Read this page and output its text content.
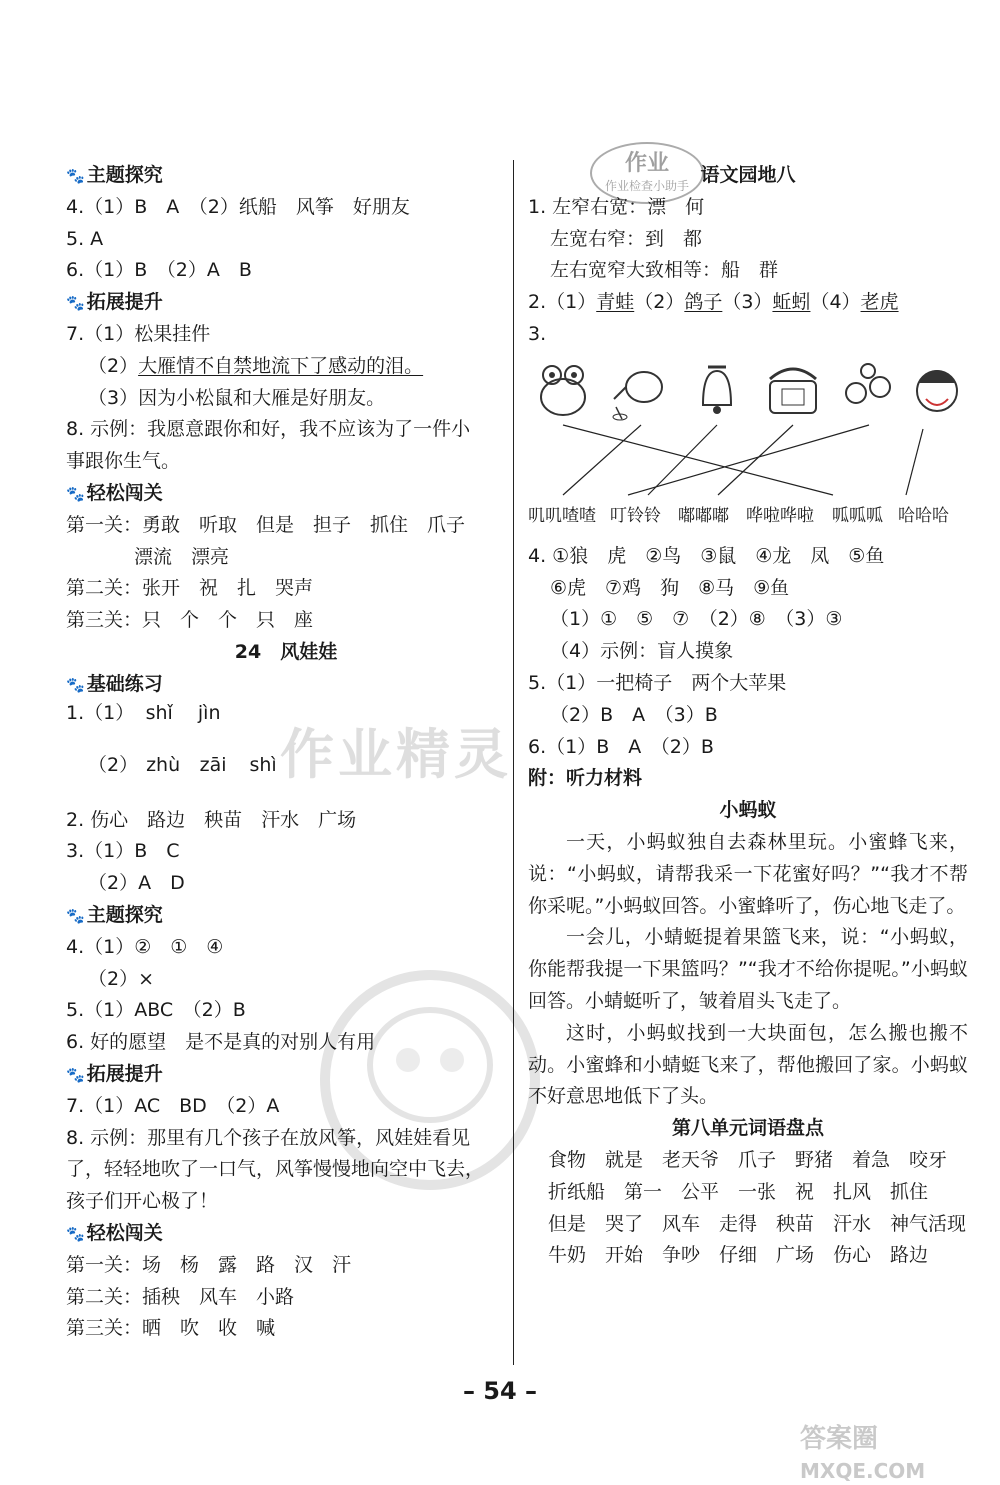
作业精灵
答案圈
MXQE.COM
作业
作业检查小助手
🐾 主题探究
4.（1）B　A　（2）纸船　风筝　好朋友
5. A
6.（1）B　（2）A　B
🐾 拓展提升
7.（1）松果挂件
（2）大雁情不自禁地流下了感动的泪。
（3）因为小松鼠和大雁是好朋友。
8. 示例：我愿意跟你和好，我不应该为了一件小
事跟你生气。
🐾 轻松闯关
第一关：勇敢　听取　但是　担子　抓住　爪子
漂流　漂亮
第二关：张开　祝　扎　哭声
第三关：只　个　个　只　座
24　风娃娃
🐾 基础练习
1.（1） shǐ jìn
（2） zhù zāi shì
2. 伤心　路边　秧苗　汗水　广场
3.（1）B　C
（2）A　D
🐾 主题探究
4.（1）②　①　④
（2）×
5.（1）ABC　（2）B
6. 好的愿望　是不是真的对别人有用
🐾 拓展提升
7.（1）AC　BD　（2）A
8. 示例：那里有几个孩子在放风筝，风娃娃看见
了，轻轻地吹了一口气，风筝慢慢地向空中飞去，
孩子们开心极了！
🐾 轻松闯关
第一关：场　杨　露　路　汉　汗
第二关：插秧　风车　小路
第三关：晒　吹　收　喊
语文园地八
1. 左窄右宽：漂　何
左宽右窄：到　都
左右宽窄大致相等：船　群
2.（1）青蛙（2）鸽子（3）蚯蚓（4）老虎
3.
叽叽喳喳 叮铃铃 嘟嘟嘟 哗啦哗啦 呱呱呱 哈哈哈
4. ①狼　虎　②鸟　③鼠　④龙　凤　⑤鱼
⑥虎　⑦鸡　狗　⑧马　⑨鱼
（1）①　⑤　⑦　（2）⑧　（3）③
（4）示例：盲人摸象
5.（1）一把椅子　两个大苹果
（2）B　A　（3）B
6.（1）B　A　（2）B
附：听力材料
小蚂蚁
一天，小蚂蚁独自去森林里玩。小蜜蜂飞来，说：“小蚂蚁，请帮我采一下花蜜好吗？”“我才不帮你采呢。”小蚂蚁回答。小蜜蜂听了，伤心地飞走了。
一会儿，小蜻蜓提着果篮飞来，说：“小蚂蚁，你能帮我提一下果篮吗？”“我才不给你提呢。”小蚂蚁回答。小蜻蜓听了，皱着眉头飞走了。
这时，小蚂蚁找到一大块面包，怎么搬也搬不动。小蜜蜂和小蜻蜓飞来了，帮他搬回了家。小蚂蚁不好意思地低下了头。
第八单元词语盘点
食物　就是　老天爷　爪子　野猪　着急　咬牙
折纸船　第一　公平　一张　祝　扎风　抓住
但是　哭了　风车　走得　秧苗　汗水　神气活现
牛奶　开始　争吵　仔细　广场　伤心　路边
– 54 –
